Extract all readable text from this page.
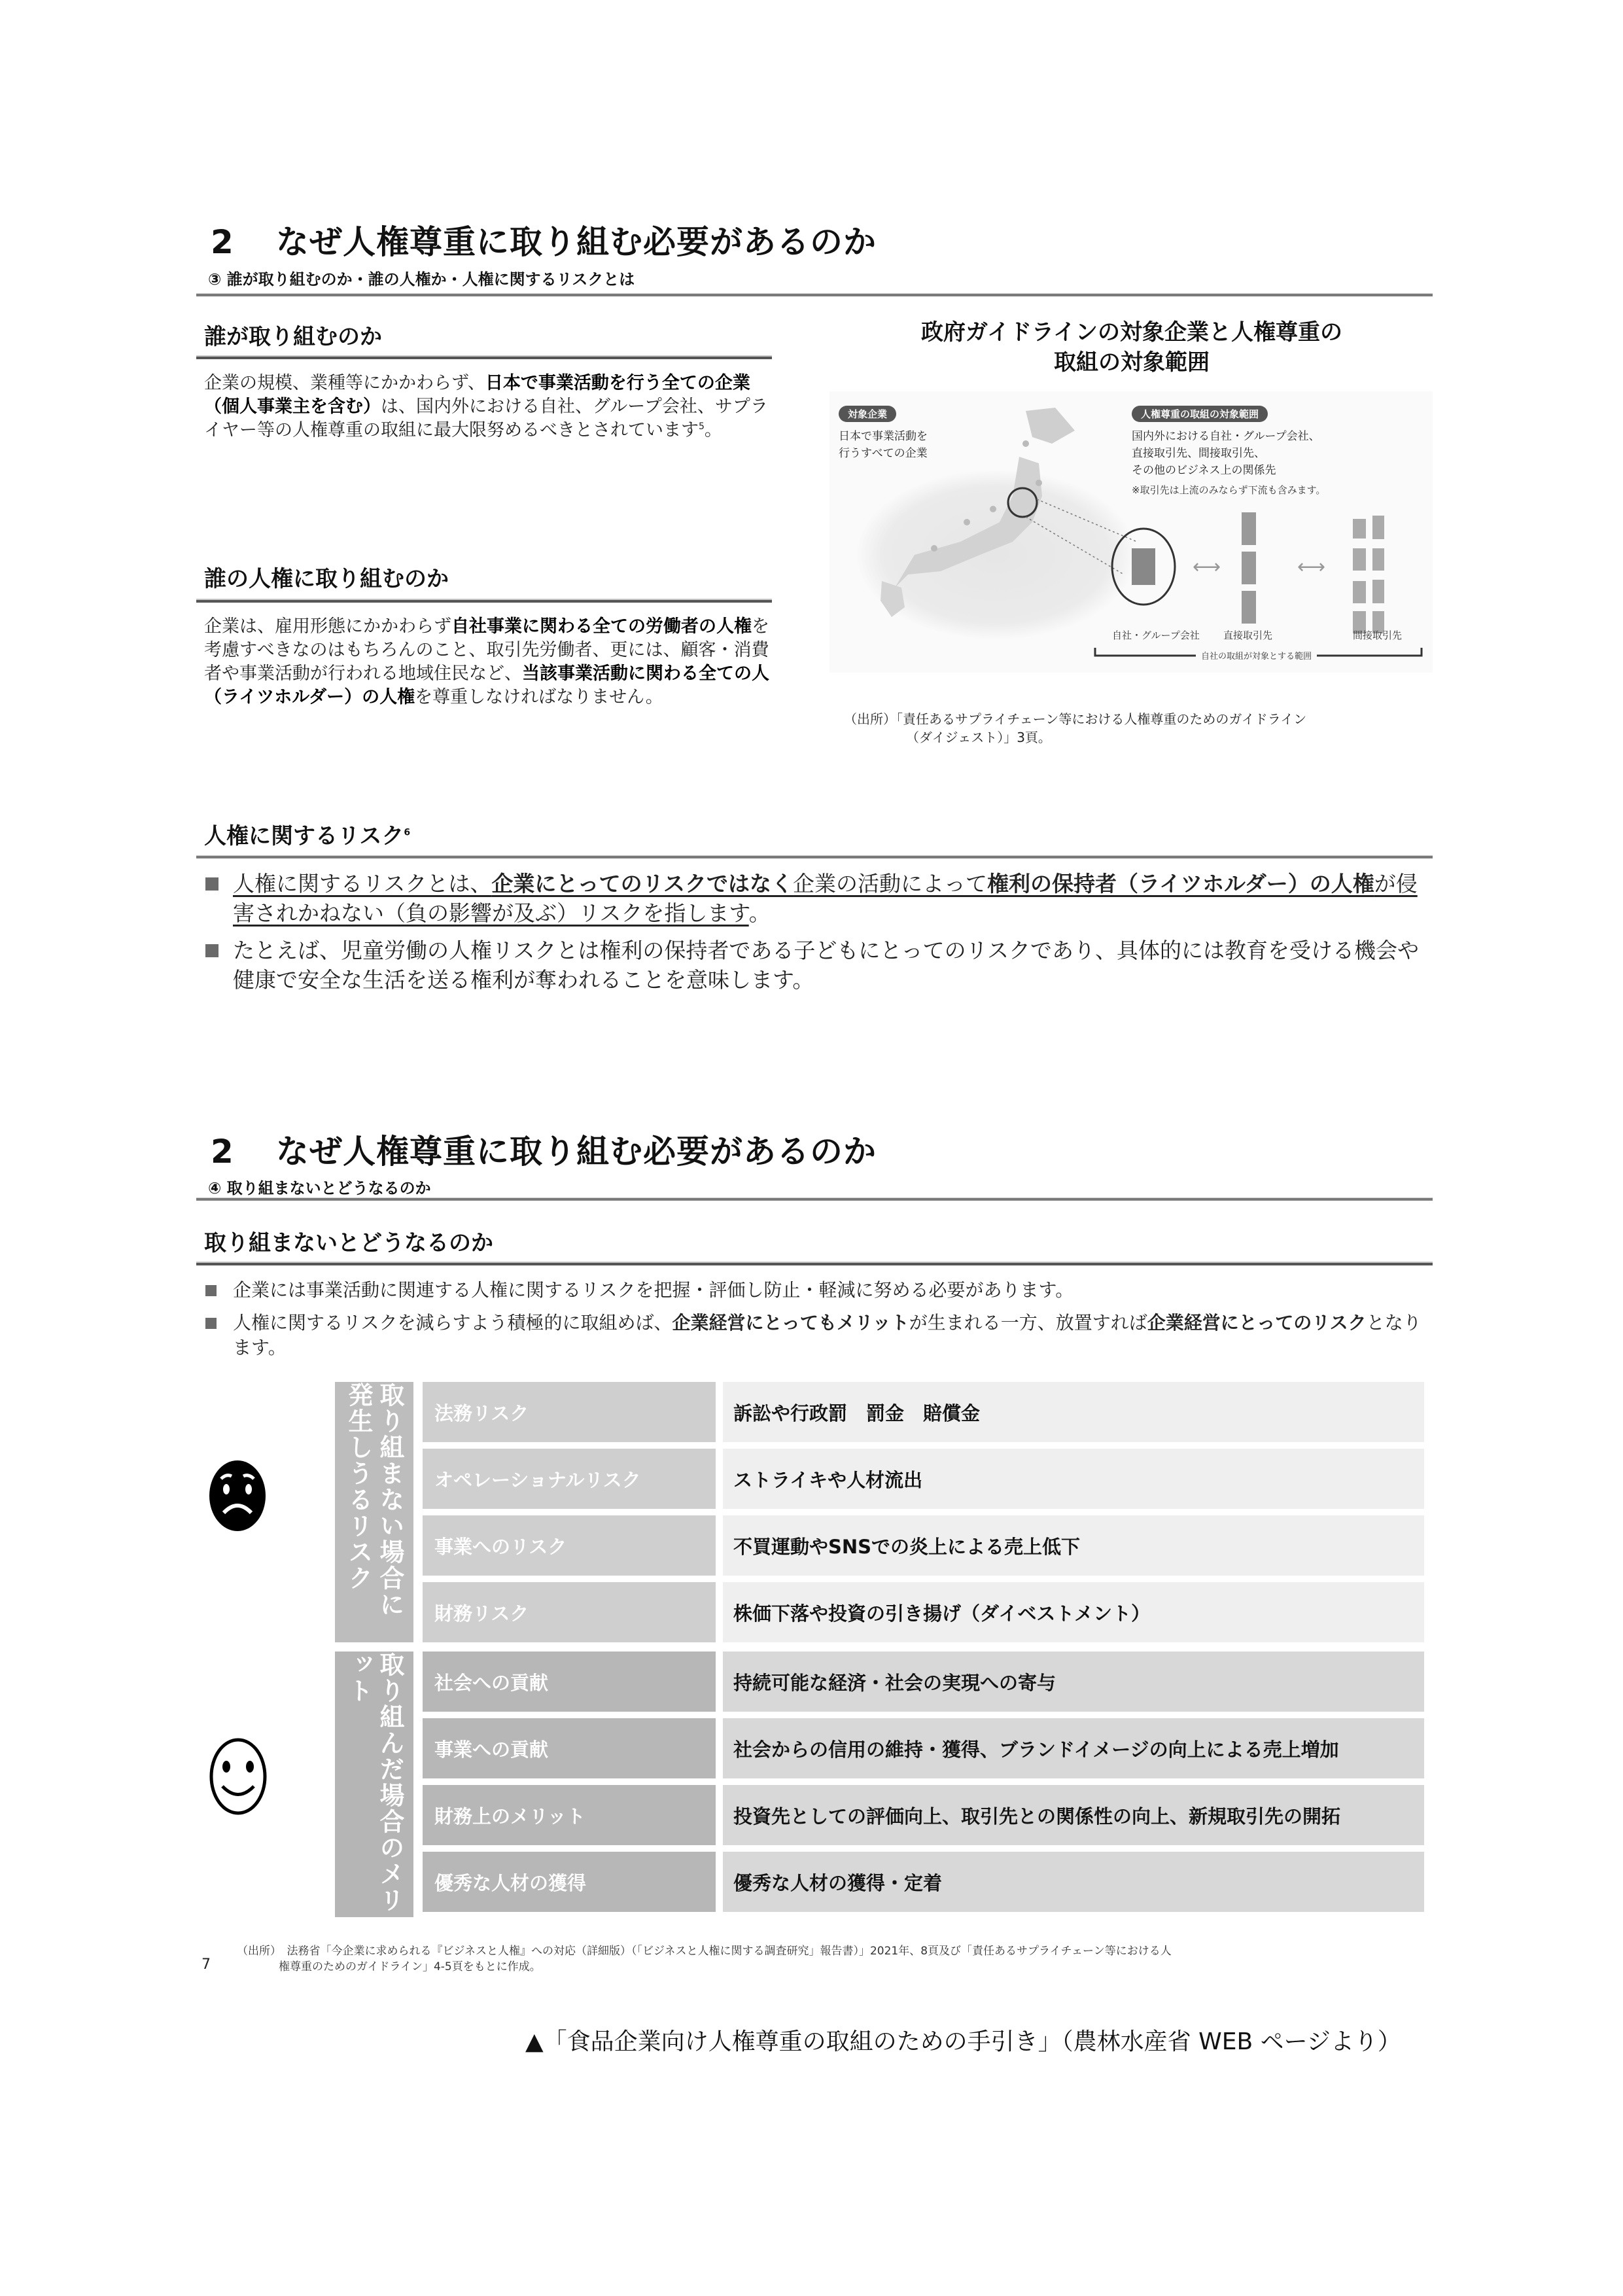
2 なぜ人権尊重に取り組む必要があるのか
③ 誰が取り組むのか・誰の人権か・人権に関するリスクとは
誰が取り組むのか
企業の規模、業種等にかかわらず、日本で事業活動を行う全ての企業（個人事業主を含む）は、国内外における自社、グループ会社、サプライヤー等の人権尊重の取組に最大限努めるべきとされています$^5$。
誰の人権に取り組むのか
企業は、雇用形態にかかわらず自社事業に関わる全ての労働者の人権を考慮すべきなのはもちろんのこと、取引先労働者、更には、顧客・消費者や事業活動が行われる地域住民など、当該事業活動に関わる全ての人（ライツホルダー）の人権を尊重しなければなりません。
政府ガイドラインの対象企業と人権尊重の
取組の対象範囲
⟷	⟷
対象企業
日本で事業活動を
行うすべての企業
人権尊重の取組の対象範囲
国内外における自社・グループ会社、
直接取引先、間接取引先、
その他のビジネス上の関係先
※取引先は上流のみならず下流も含みます。
自社・グループ会社 直接取引先	間接取引先
自社の取組が対象とする範囲
（出所）「責任あるサプライチェーン等における人権尊重のためのガイドライン
（ダイジェスト）」3頁。
人権に関するリスク$^6$
人権に関するリスクとは、企業にとってのリスクではなく企業の活動によって権利の保持者（ライツホルダー）の人権が侵害されかねない（負の影響が及ぶ）リスクを指します。
たとえば、児童労働の人権リスクとは権利の保持者である子どもにとってのリスクであり、具体的には教育を受ける機会や健康で安全な生活を送る権利が奪われることを意味します。
2 なぜ人権尊重に取り組む必要があるのか
④ 取り組まないとどうなるのか
取り組まないとどうなるのか
企業には事業活動に関連する人権に関するリスクを把握・評価し防止・軽減に努める必要があります。
人権に関するリスクを減らすよう積極的に取組めば、企業経営にとってもメリットが生まれる一方、放置すれば企業経営にとってのリスクとなります。
取り組まない場合に発生しうるリスク	法務リスク	訴訟や行政罰　罰金　賠償金
オペレーショナルリスク	ストライキや人材流出
事業へのリスク	不買運動やSNSでの炎上による売上低下
財務リスク	株価下落や投資の引き揚げ（ダイベストメント）
取り組んだ場合のメリット	社会への貢献	持続可能な経済・社会の実現への寄与
事業への貢献	社会からの信用の維持・獲得、ブランドイメージの向上による売上増加
財務上のメリット	投資先としての評価向上、取引先との関係性の向上、新規取引先の開拓
優秀な人材の獲得	優秀な人材の獲得・定着
（出所）　法務省「今企業に求められる『ビジネスと人権』への対応（詳細版）（「ビジネスと人権に関する調査研究」報告書）」2021年、8頁及び「責任あるサプライチェーン等における人
権尊重のためのガイドライン」4-5頁をもとに作成。
7
▲「食品企業向け人権尊重の取組のための手引き」（農林水産省 WEB ページより）
